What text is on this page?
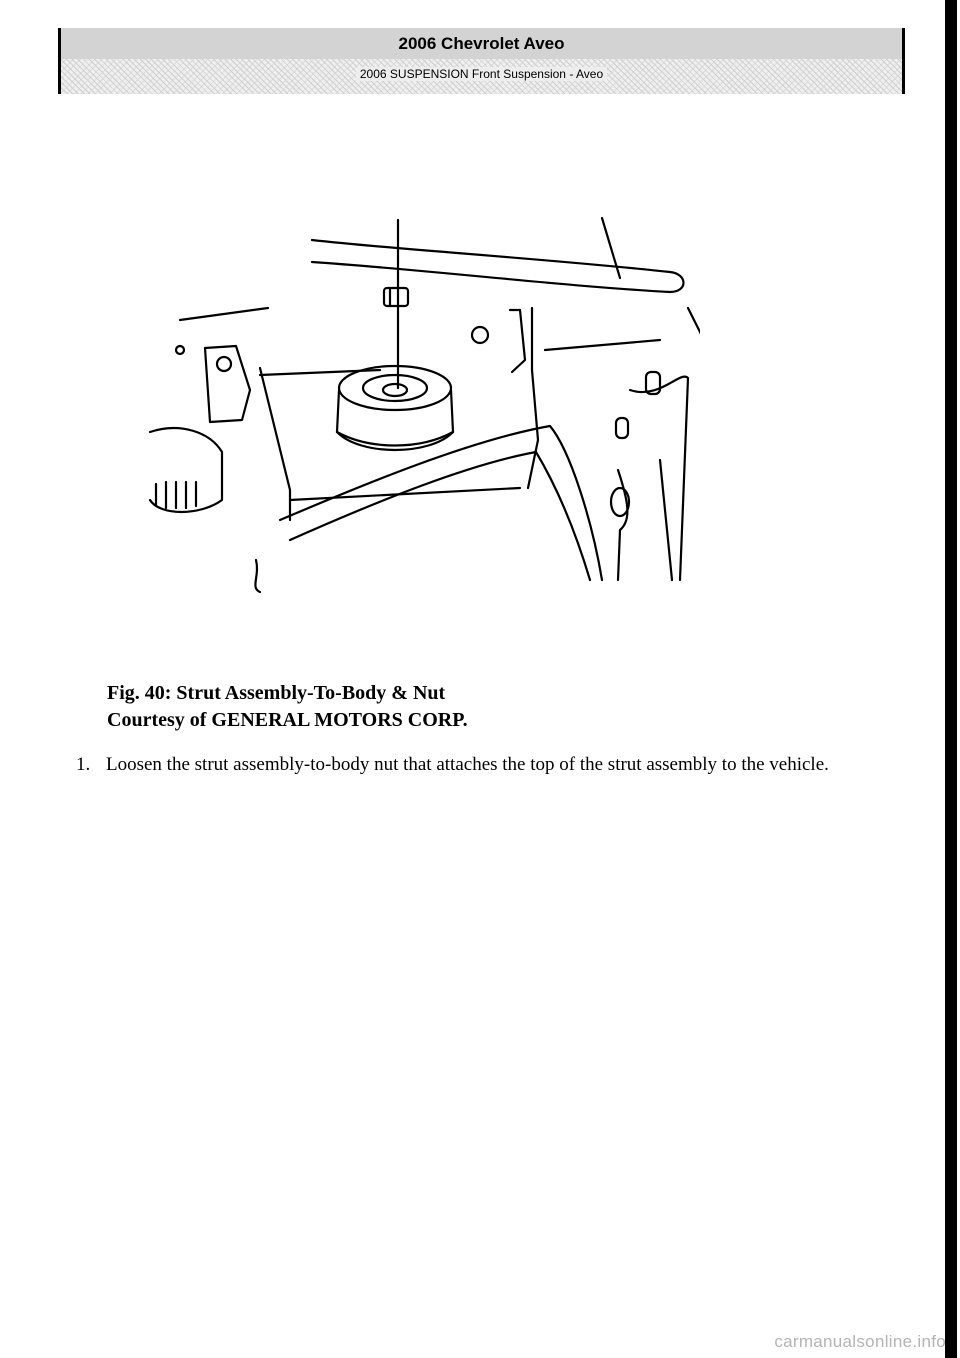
2006 Chevrolet Aveo
2006 SUSPENSION Front Suspension - Aveo
Fig. 40: Strut Assembly-To-Body & Nut
Courtesy of GENERAL MOTORS CORP.
1. Loosen the strut assembly-to-body nut that attaches the top of the strut assembly to the vehicle.
carmanualsonline.info
